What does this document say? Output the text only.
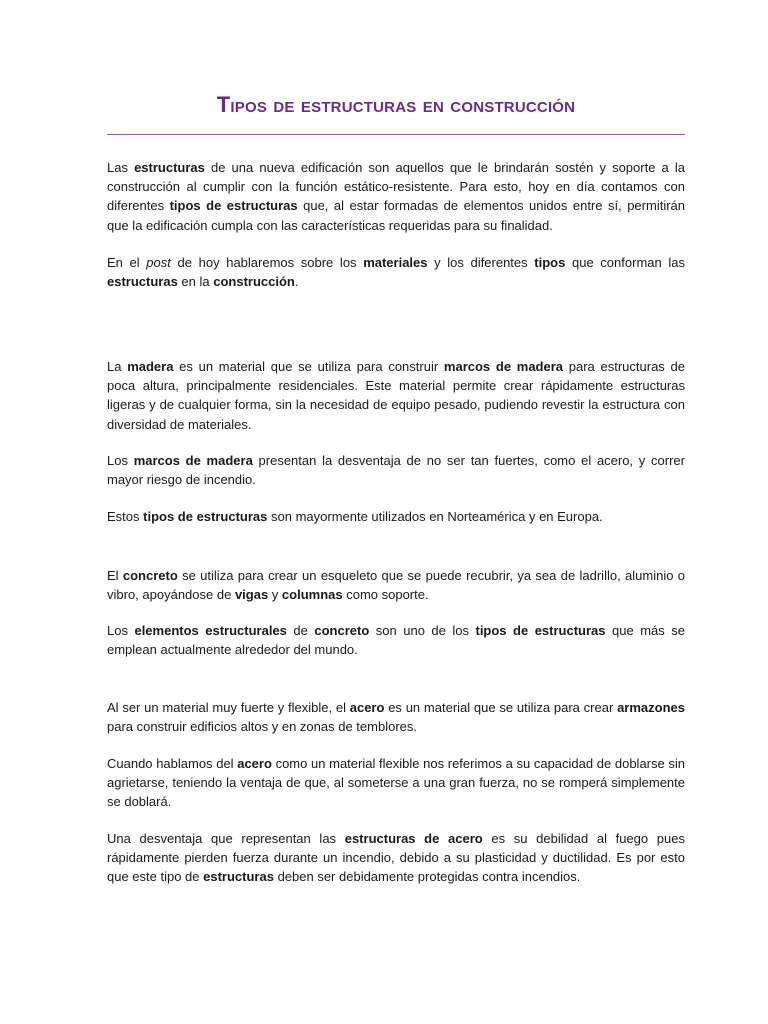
Tipos de estructuras en construcción

Las estructuras de una nueva edificación son aquellos que le brindarán sostén y soporte a la construcción al cumplir con la función estático-resistente. Para esto, hoy en día contamos con diferentes tipos de estructuras que, al estar formadas de elementos unidos entre sí, permitirán que la edificación cumpla con las características requeridas para su finalidad.

En el post de hoy hablaremos sobre los materiales y los diferentes tipos que conforman las estructuras en la construcción.

La madera es un material que se utiliza para construir marcos de madera para estructuras de poca altura, principalmente residenciales. Este material permite crear rápidamente estructuras ligeras y de cualquier forma, sin la necesidad de equipo pesado, pudiendo revestir la estructura con diversidad de materiales.

Los marcos de madera presentan la desventaja de no ser tan fuertes, como el acero, y correr mayor riesgo de incendio.

Estos tipos de estructuras son mayormente utilizados en Norteamérica y en Europa.

El concreto se utiliza para crear un esqueleto que se puede recubrir, ya sea de ladrillo, aluminio o vibro, apoyándose de vigas y columnas como soporte.

Los elementos estructurales de concreto son uno de los tipos de estructuras que más se emplean actualmente alrededor del mundo.

Al ser un material muy fuerte y flexible, el acero es un material que se utiliza para crear armazones para construir edificios altos y en zonas de temblores.

Cuando hablamos del acero como un material flexible nos referimos a su capacidad de doblarse sin agrietarse, teniendo la ventaja de que, al someterse a una gran fuerza, no se romperá simplemente se doblará.

Una desventaja que representan las estructuras de acero es su debilidad al fuego pues rápidamente pierden fuerza durante un incendio, debido a su plasticidad y ductilidad. Es por esto que este tipo de estructuras deben ser debidamente protegidas contra incendios.
